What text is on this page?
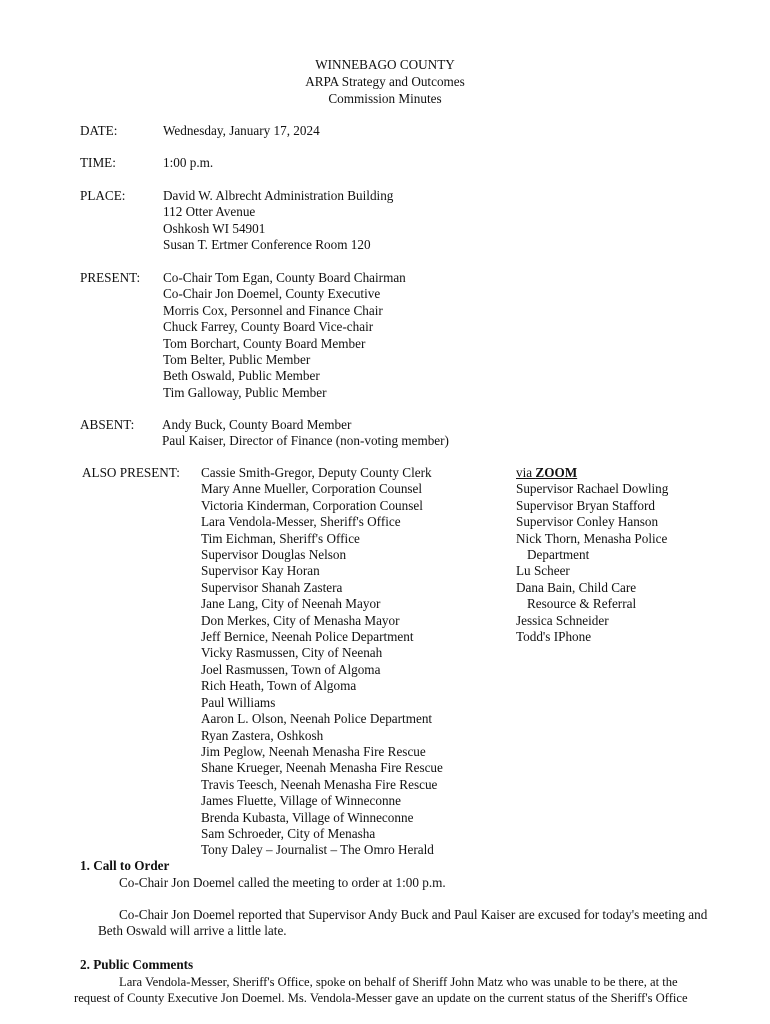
WINNEBAGO COUNTY
ARPA Strategy and Outcomes
Commission Minutes
DATE:	Wednesday, January 17, 2024
TIME:	1:00 p.m.
PLACE:	David W. Albrecht Administration Building
112 Otter Avenue
Oshkosh WI 54901
Susan T. Ertmer Conference Room 120
PRESENT: Co-Chair Tom Egan, County Board Chairman
Co-Chair Jon Doemel, County Executive
Morris Cox, Personnel and Finance Chair
Chuck Farrey, County Board Vice-chair
Tom Borchart, County Board Member
Tom Belter, Public Member
Beth Oswald, Public Member
Tim Galloway, Public Member
ABSENT: Andy Buck, County Board Member
Paul Kaiser, Director of Finance (non-voting member)
ALSO PRESENT: Cassie Smith-Gregor, Deputy County Clerk
Mary Anne Mueller, Corporation Counsel
Victoria Kinderman, Corporation Counsel
Lara Vendola-Messer, Sheriff's Office
Tim Eichman, Sheriff's Office
Supervisor Douglas Nelson
Supervisor Kay Horan
Supervisor Shanah Zastera
Jane Lang, City of Neenah Mayor
Don Merkes, City of Menasha Mayor
Jeff Bernice, Neenah Police Department
Vicky Rasmussen, City of Neenah
Joel Rasmussen, Town of Algoma
Rich Heath, Town of Algoma
Paul Williams
Aaron L. Olson, Neenah Police Department
Ryan Zastera, Oshkosh
Jim Peglow, Neenah Menasha Fire Rescue
Shane Krueger, Neenah Menasha Fire Rescue
Travis Teesch, Neenah Menasha Fire Rescue
James Fluette, Village of Winneconne
Brenda Kubasta, Village of Winneconne
Sam Schroeder, City of Menasha
Tony Daley – Journalist – The Omro Herald
via ZOOM
Supervisor Rachael Dowling
Supervisor Bryan Stafford
Supervisor Conley Hanson
Nick Thorn, Menasha Police
Department
Lu Scheer
Dana Bain, Child Care
Resource & Referral
Jessica Schneider
Todd's IPhone
1. Call to Order
Co-Chair Jon Doemel called the meeting to order at 1:00 p.m.
Co-Chair Jon Doemel reported that Supervisor Andy Buck and Paul Kaiser are excused for today's meeting and
Beth Oswald will arrive a little late.
2. Public Comments
Lara Vendola-Messer, Sheriff's Office, spoke on behalf of Sheriff John Matz who was unable to be there, at the
request of County Executive Jon Doemel. Ms. Vendola-Messer gave an update on the current status of the Sheriff's Office
